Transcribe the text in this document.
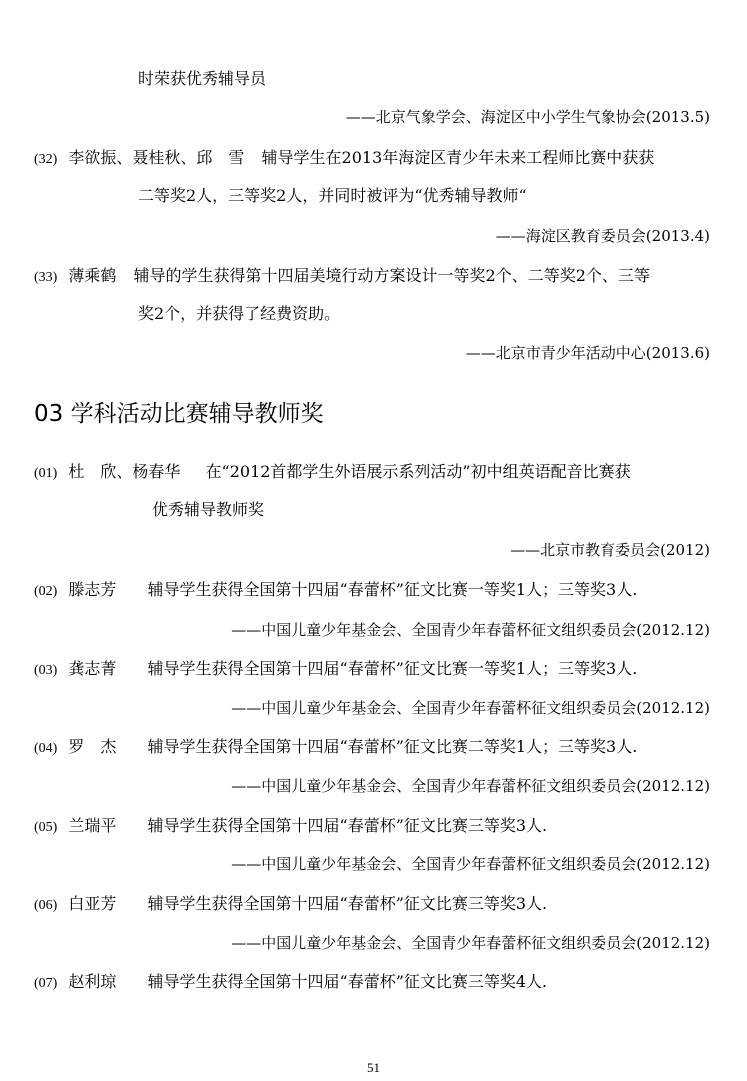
时荣获优秀辅导员
——北京气象学会、海淀区中小学生气象协会(2013.5)
(32) 李欲振、聂桂秋、邱　雪 辅导学生在2013年海淀区青少年未来工程师比赛中获获
二等奖2人，三等奖2人，并同时被评为“优秀辅导教师“
——海淀区教育委员会(2013.4)
(33) 薄乘鹤 辅导的学生获得第十四届美境行动方案设计一等奖2个、二等奖2个、三等
奖2个，并获得了经费资助。
——北京市青少年活动中心(2013.6)
03 学科活动比赛辅导教师奖
(01) 杜　欣、杨春华 在“2012首都学生外语展示系列活动”初中组英语配音比赛获
优秀辅导教师奖
——北京市教育委员会(2012)
(02) 滕志芳 辅导学生获得全国第十四届“春蕾杯”征文比赛一等奖1人；三等奖3人.
——中国儿童少年基金会、全国青少年春蕾杯征文组织委员会(2012.12)
(03) 龚志菁 辅导学生获得全国第十四届“春蕾杯”征文比赛一等奖1人；三等奖3人.
——中国儿童少年基金会、全国青少年春蕾杯征文组织委员会(2012.12)
(04) 罗　杰 辅导学生获得全国第十四届“春蕾杯”征文比赛二等奖1人；三等奖3人.
——中国儿童少年基金会、全国青少年春蕾杯征文组织委员会(2012.12)
(05) 兰瑞平 辅导学生获得全国第十四届“春蕾杯”征文比赛三等奖3人.
——中国儿童少年基金会、全国青少年春蕾杯征文组织委员会(2012.12)
(06) 白亚芳 辅导学生获得全国第十四届“春蕾杯”征文比赛三等奖3人.
——中国儿童少年基金会、全国青少年春蕾杯征文组织委员会(2012.12)
(07) 赵利琼 辅导学生获得全国第十四届“春蕾杯”征文比赛三等奖4人.
51
